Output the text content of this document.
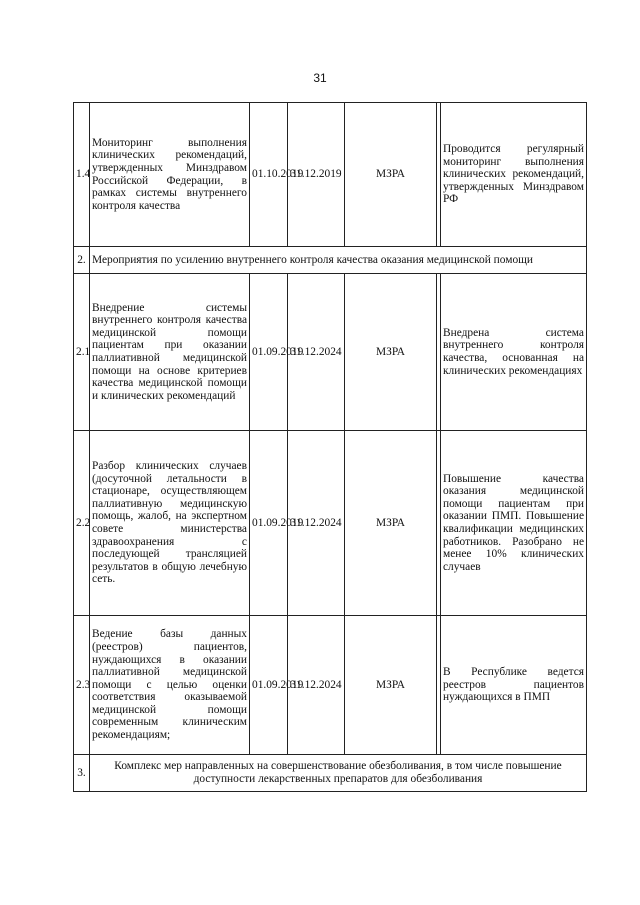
31
1.4	Мониторинг выполнения клинических рекомендаций, утвержденных Минздравом Российской Федерации, в рамках системы внутреннего контроля качества	01.10.2019	31.12.2019	МЗРА		Проводится регулярный мониторинг выполнения клинических рекомендаций, утвержденных Минздравом РФ
2.	Мероприятия по усилению внутреннего контроля качества оказания медицинской помощи					
2.1	Внедрение системы внутреннего контроля качества медицинской помощи пациентам при оказании паллиативной медицинской помощи на основе критериев качества медицинской помощи и клинических рекомендаций	01.09.2019	31.12.2024	МЗРА		Внедрена система внутреннего контроля качества, основанная на клинических рекомендациях
2.2	Разбор клинических случаев (досуточной летальности в стационаре, осуществляющем паллиативную медицинскую помощь, жалоб, на экспертном совете министерства здравоохранения с последующей трансляцией результатов в общую лечебную сеть.	01.09.2019	31.12.2024	МЗРА		Повышение качества оказания медицинской помощи пациентам при оказании ПМП. Повышение квалификации медицинских работников. Разобрано не менее 10% клинических случаев
2.3	Ведение базы данных (реестров) пациентов, нуждающихся в оказании паллиативной медицинской помощи с целью оценки соответствия оказываемой медицинской помощи современным клиническим рекомендациям;	01.09.2019	31.12.2024	МЗРА		В Республике ведется реестров пациентов нуждающихся в ПМП
3.	Комплекс мер направленных на совершенствование обезболивания, в том числе повышение доступности лекарственных препаратов для обезболивания					
